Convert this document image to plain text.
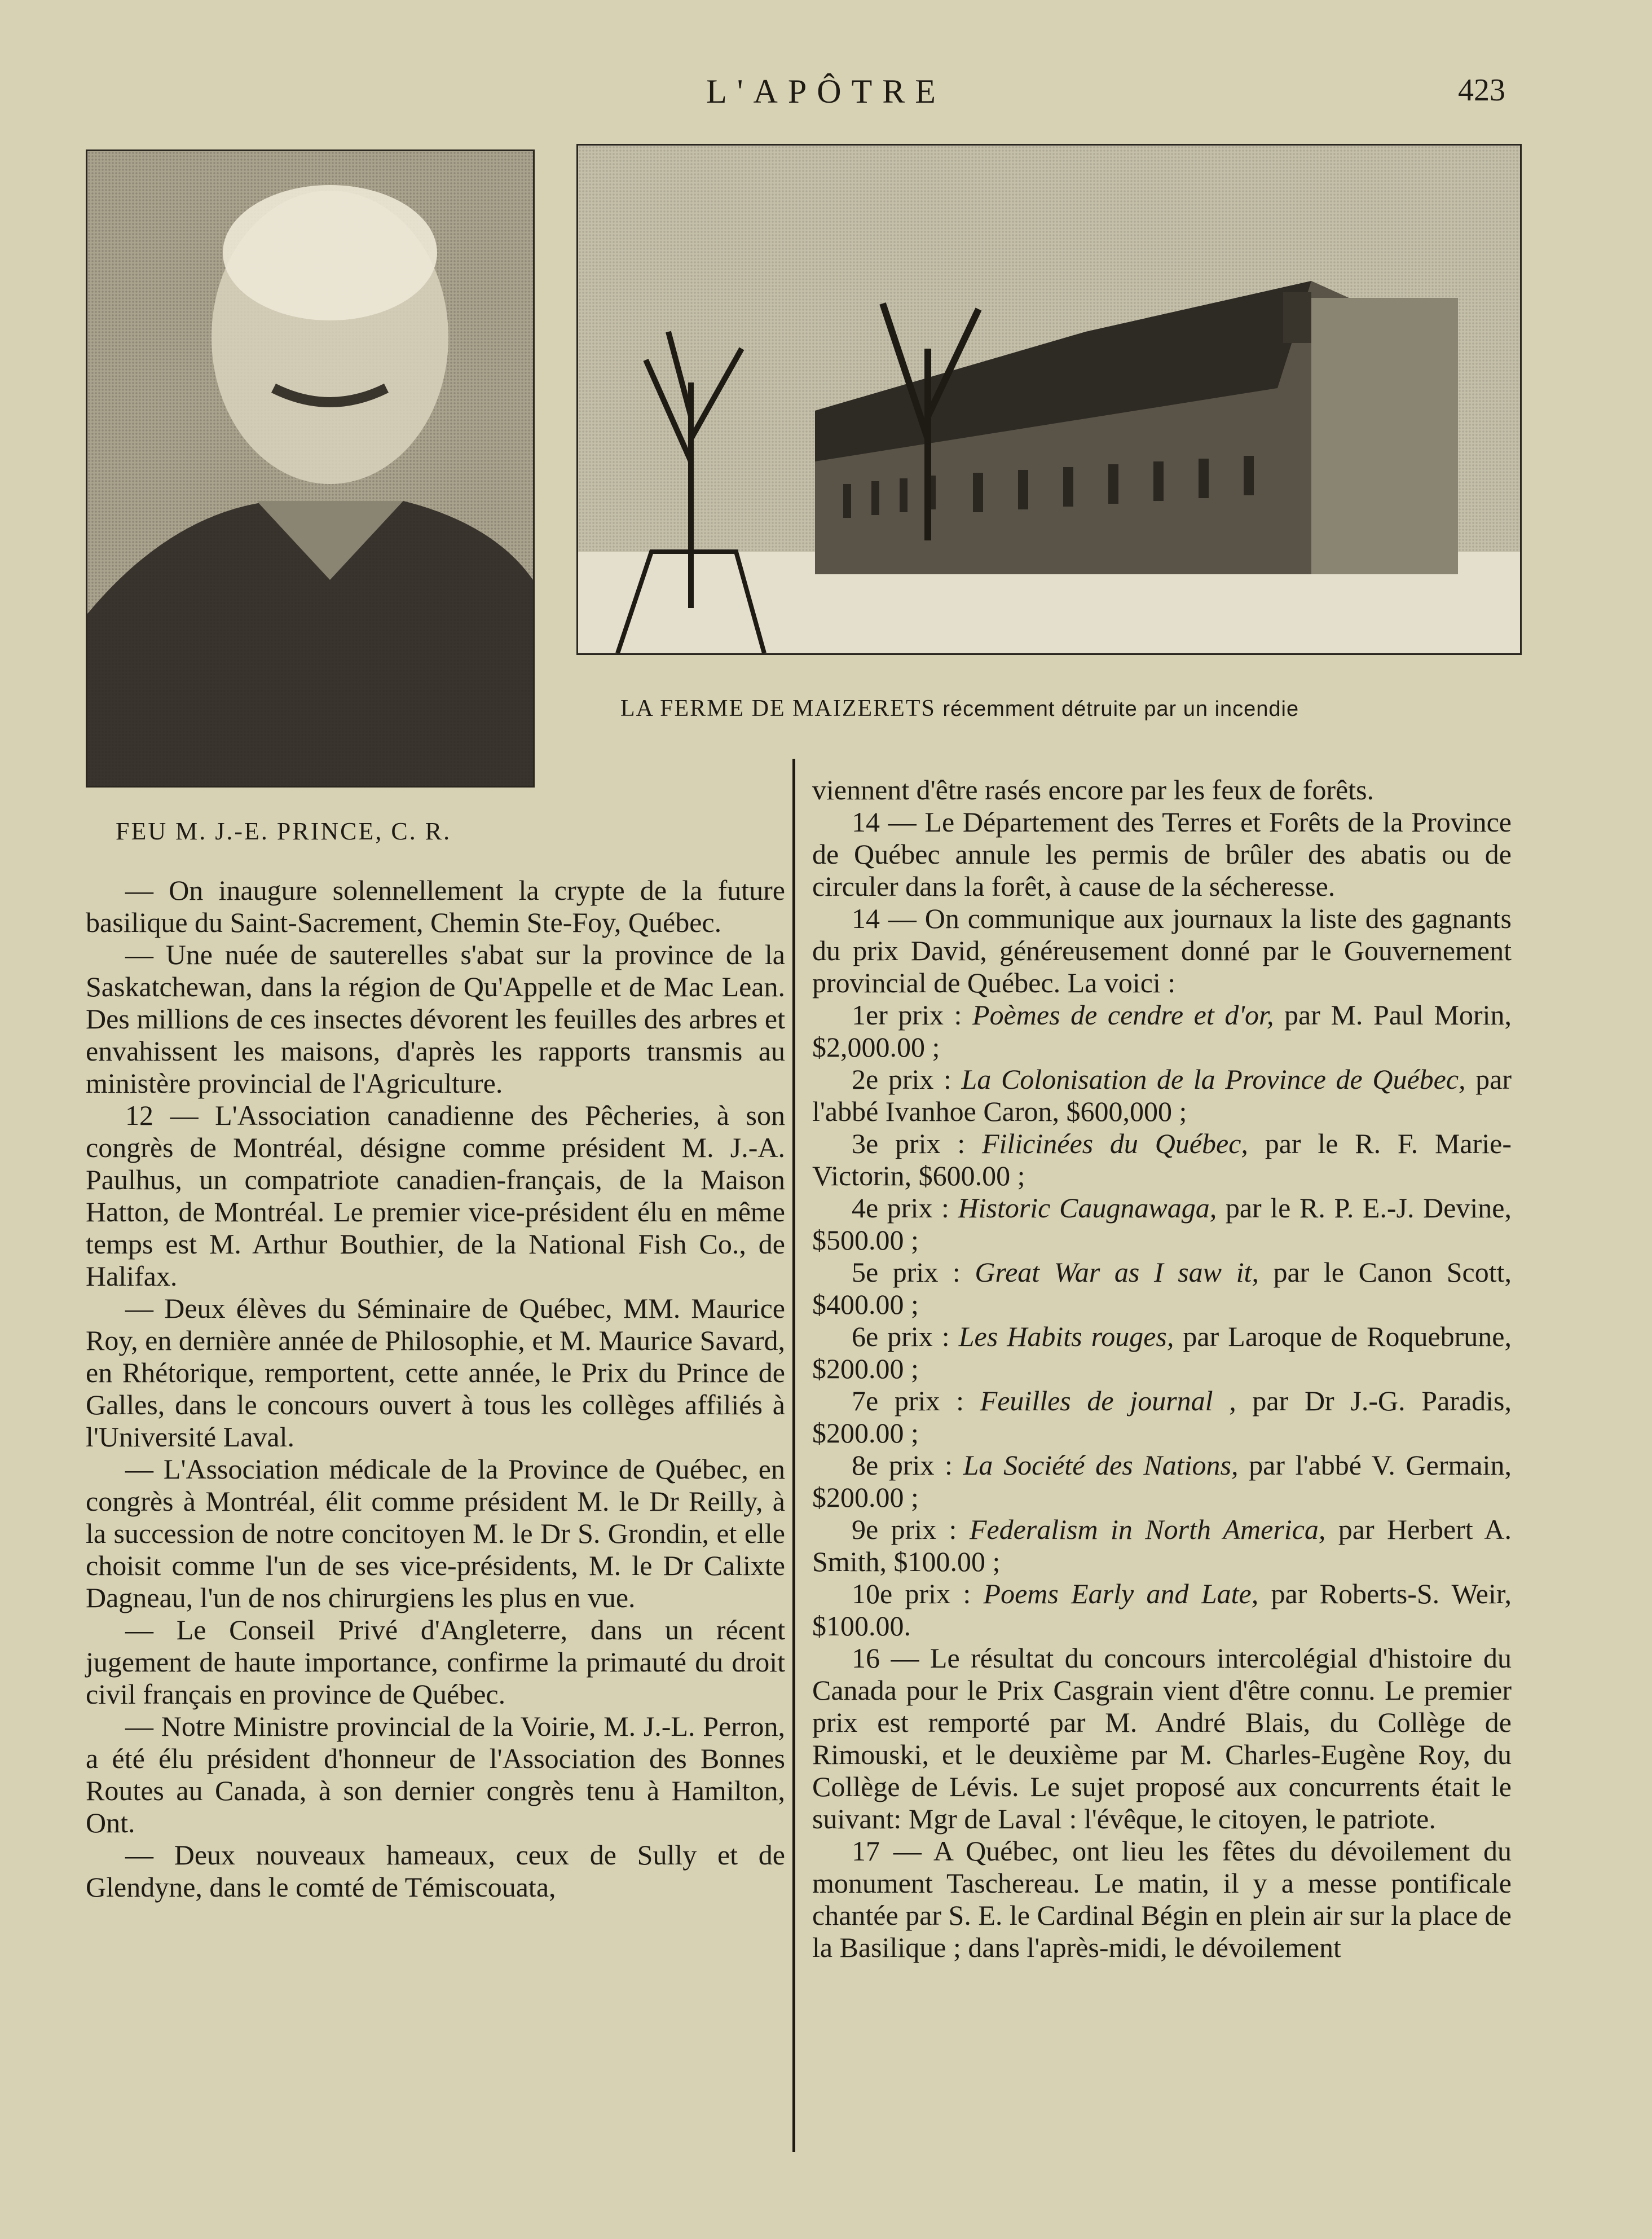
L'APÔTRE	423
LA FERME DE MAIZERETS récemment détruite par un incendie
FEU M. J.-E. PRINCE, C. R.

— On inaugure solennellement la crypte de la future basilique du Saint-Sacrement, Chemin Ste-Foy, Québec.

— Une nuée de sauterelles s'abat sur la province de la Saskatchewan, dans la région de Qu'Appelle et de Mac Lean. Des millions de ces insectes dévorent les feuilles des arbres et envahissent les maisons, d'après les rapports transmis au ministère provincial de l'Agriculture.

12 — L'Association canadienne des Pêcheries, à son congrès de Montréal, désigne comme président M. J.-A. Paulhus, un compatriote canadien-français, de la Maison Hatton, de Montréal. Le premier vice-président élu en même temps est M. Arthur Bouthier, de la National Fish Co., de Halifax.

— Deux élèves du Séminaire de Québec, MM. Maurice Roy, en dernière année de Philosophie, et M. Maurice Savard, en Rhétorique, remportent, cette année, le Prix du Prince de Galles, dans le concours ouvert à tous les collèges affiliés à l'Université Laval.

— L'Association médicale de la Province de Québec, en congrès à Montréal, élit comme président M. le Dr Reilly, à la succession de notre concitoyen M. le Dr S. Grondin, et elle choisit comme l'un de ses vice-présidents, M. le Dr Calixte Dagneau, l'un de nos chirurgiens les plus en vue.

— Le Conseil Privé d'Angleterre, dans un récent jugement de haute importance, confirme la primauté du droit civil français en province de Québec.

— Notre Ministre provincial de la Voirie, M. J.-L. Perron, a été élu président d'honneur de l'Association des Bonnes Routes au Canada, à son dernier congrès tenu à Hamilton, Ont.

— Deux nouveaux hameaux, ceux de Sully et de Glendyne, dans le comté de Témiscouata,

viennent d'être rasés encore par les feux de forêts.

14 — Le Département des Terres et Forêts de la Province de Québec annule les permis de brûler des abatis ou de circuler dans la forêt, à cause de la sécheresse.

14 — On communique aux journaux la liste des gagnants du prix David, généreusement donné par le Gouvernement provincial de Québec. La voici :

1er prix : Poèmes de cendre et d'or, par M. Paul Morin, $2,000.00 ;

2e prix : La Colonisation de la Province de Québec, par l'abbé Ivanhoe Caron, $600,000 ;

3e prix : Filicinées du Québec, par le R. F. Marie-Victorin, $600.00 ;

4e prix : Historic Caugnawaga, par le R. P. E.-J. Devine, $500.00 ;

5e prix : Great War as I saw it, par le Canon Scott, $400.00 ;

6e prix : Les Habits rouges, par Laroque de Roquebrune, $200.00 ;

7e prix : Feuilles de journal , par Dr J.-G. Paradis, $200.00 ;

8e prix : La Société des Nations, par l'abbé V. Germain, $200.00 ;

9e prix : Federalism in North America, par Herbert A. Smith, $100.00 ;

10e prix : Poems Early and Late, par Roberts-S. Weir, $100.00.

16 — Le résultat du concours intercolégial d'histoire du Canada pour le Prix Casgrain vient d'être connu. Le premier prix est remporté par M. André Blais, du Collège de Rimouski, et le deuxième par M. Charles-Eugène Roy, du Collège de Lévis. Le sujet proposé aux concurrents était le suivant: Mgr de Laval : l'évêque, le citoyen, le patriote.

17 — A Québec, ont lieu les fêtes du dévoilement du monument Taschereau. Le matin, il y a messe pontificale chantée par S. E. le Cardinal Bégin en plein air sur la place de la Basilique ; dans l'après-midi, le dévoilement
